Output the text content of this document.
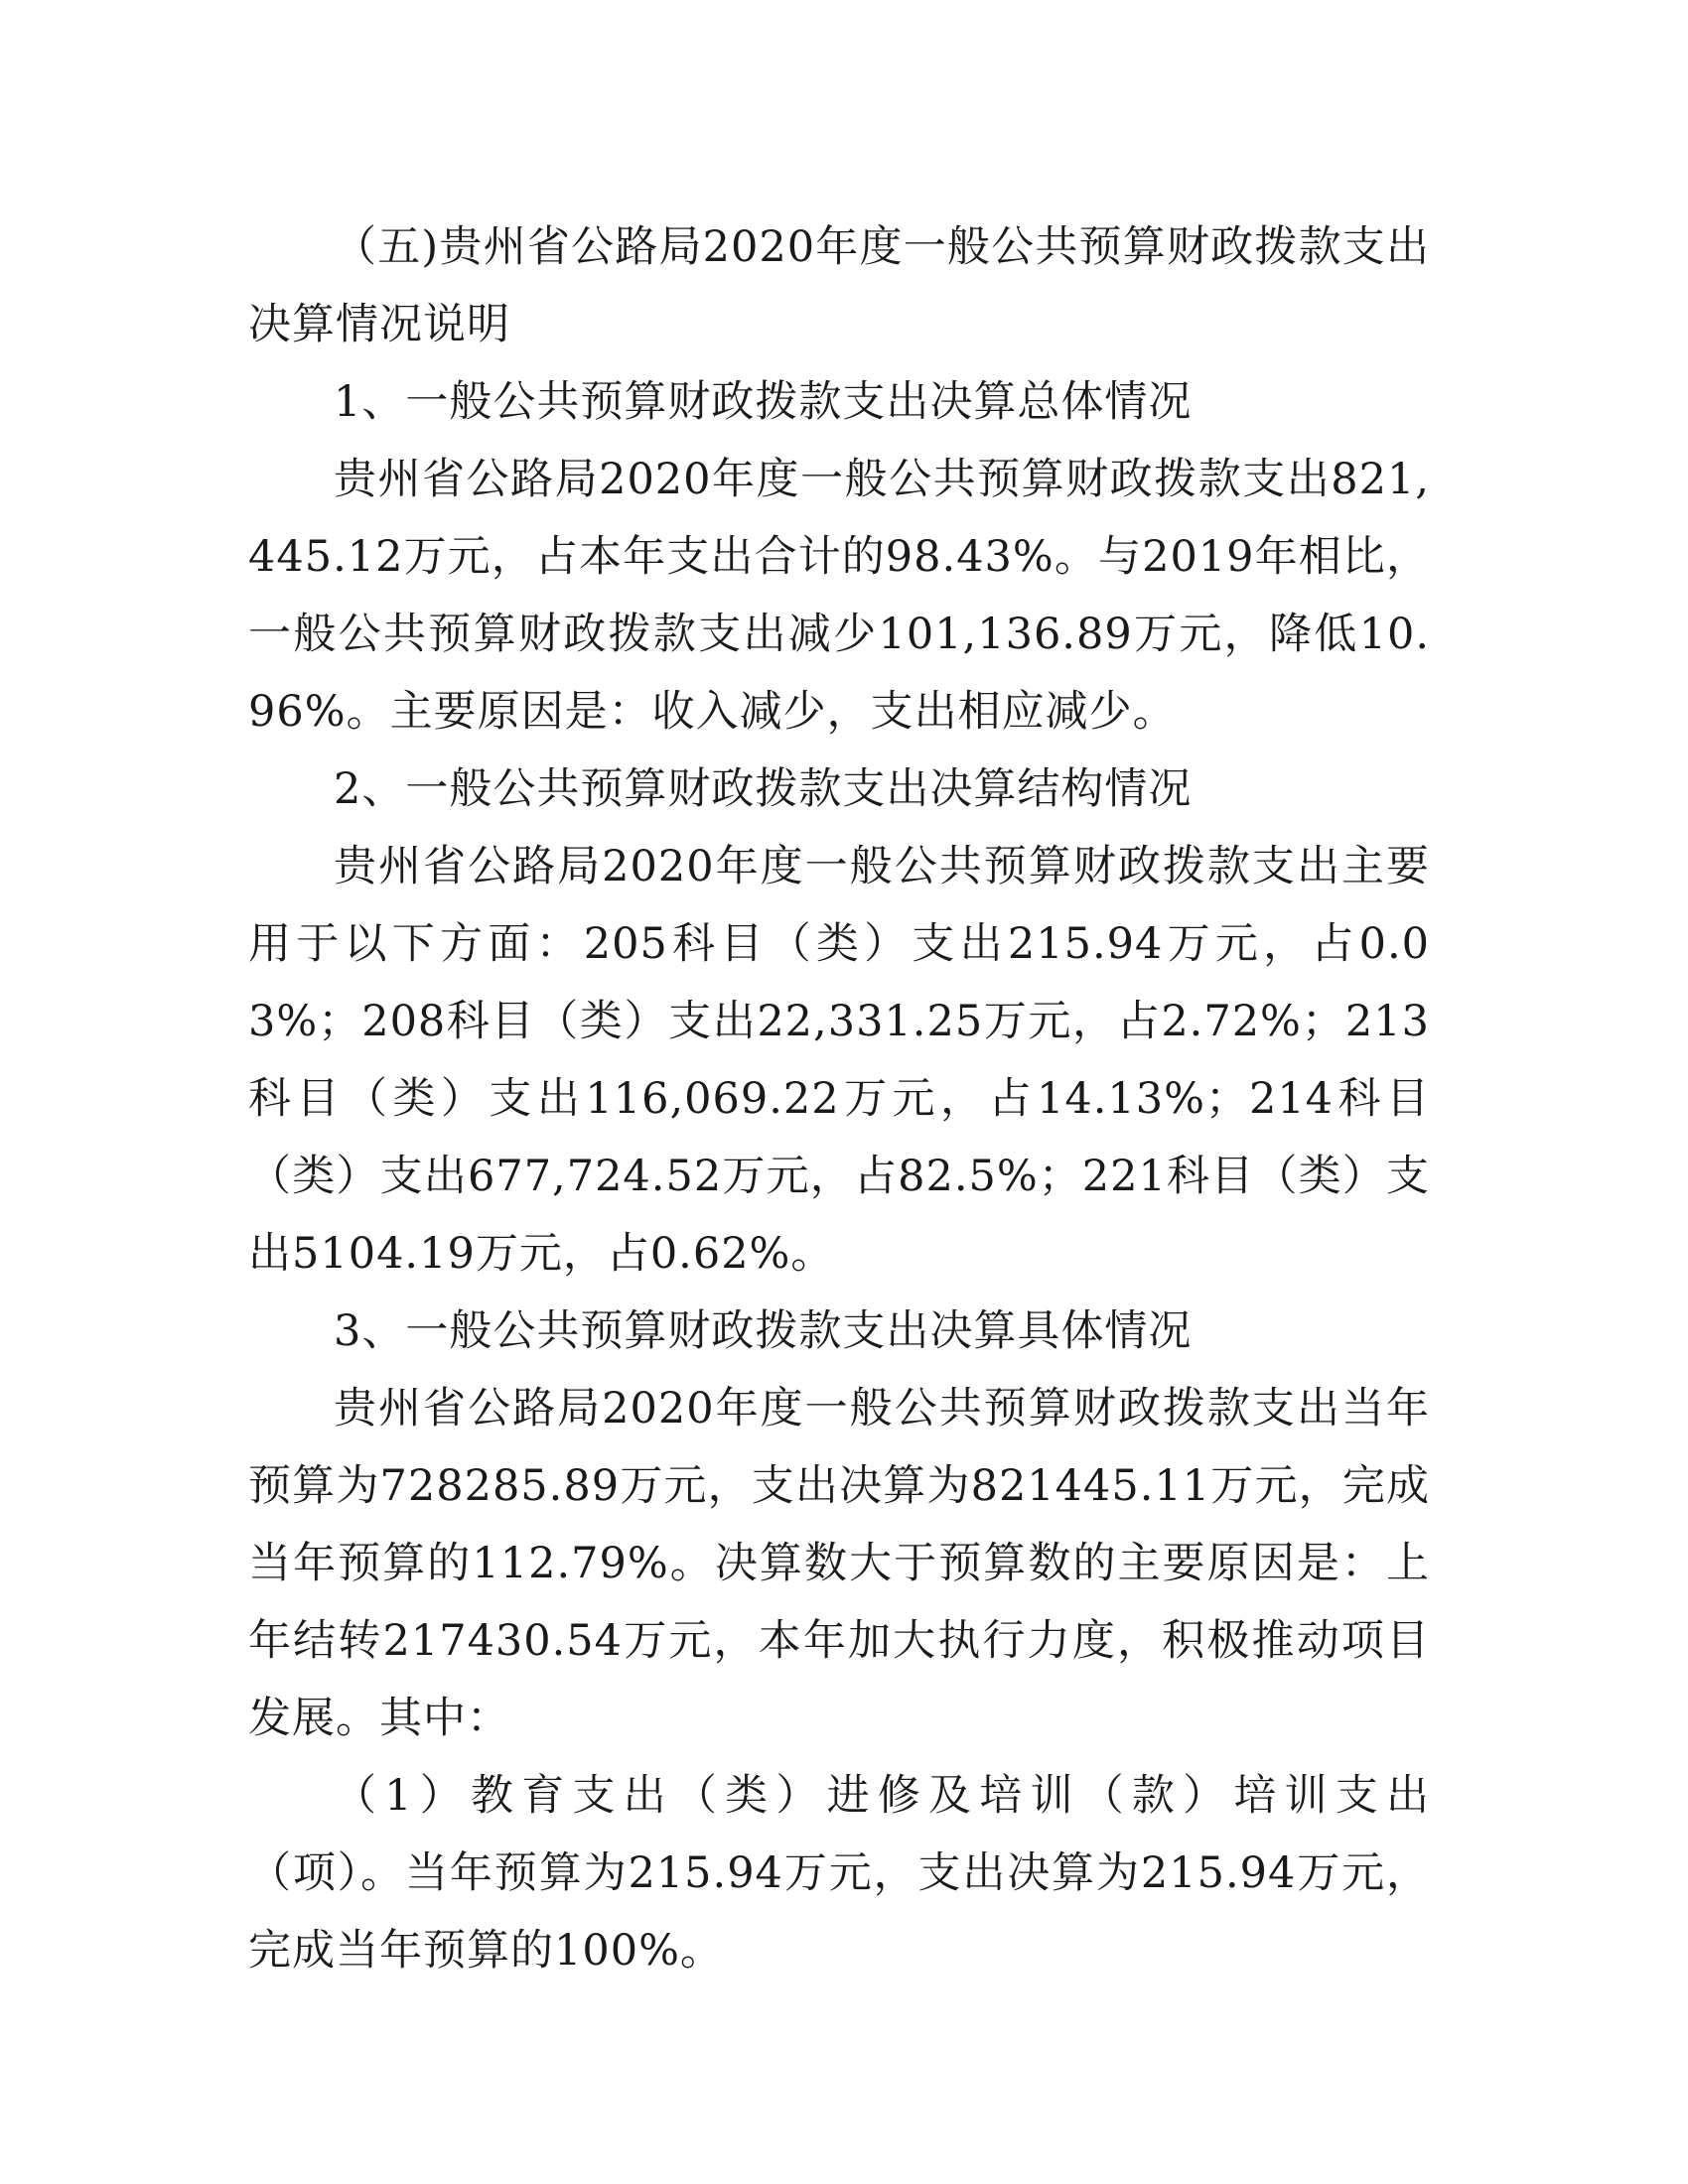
（五)贵州省公路局2020年度一般公共预算财政拨款支出决算情况说明

1、一般公共预算财政拨款支出决算总体情况

贵州省公路局2020年度一般公共预算财政拨款支出821,445.12万元，占本年支出合计的98.43%。与2019年相比，一般公共预算财政拨款支出减少101,136.89万元，降低10.96%。主要原因是：收入减少，支出相应减少。

2、一般公共预算财政拨款支出决算结构情况

贵州省公路局2020年度一般公共预算财政拨款支出主要用于以下方面：205科目（类）支出215.94万元，占0.03%；208科目（类）支出22,331.25万元，占2.72%；213科目（类）支出116,069.22万元，占14.13%；214科目（类）支出677,724.52万元，占82.5%；221科目（类）支出5104.19万元，占0.62%。

3、一般公共预算财政拨款支出决算具体情况

贵州省公路局2020年度一般公共预算财政拨款支出当年预算为728285.89万元，支出决算为821445.11万元，完成当年预算的112.79%。决算数大于预算数的主要原因是：上年结转217430.54万元，本年加大执行力度，积极推动项目发展。其中：

（1）教育支出（类）进修及培训（款）培训支出（项）。当年预算为215.94万元，支出决算为215.94万元，完成当年预算的100%。
